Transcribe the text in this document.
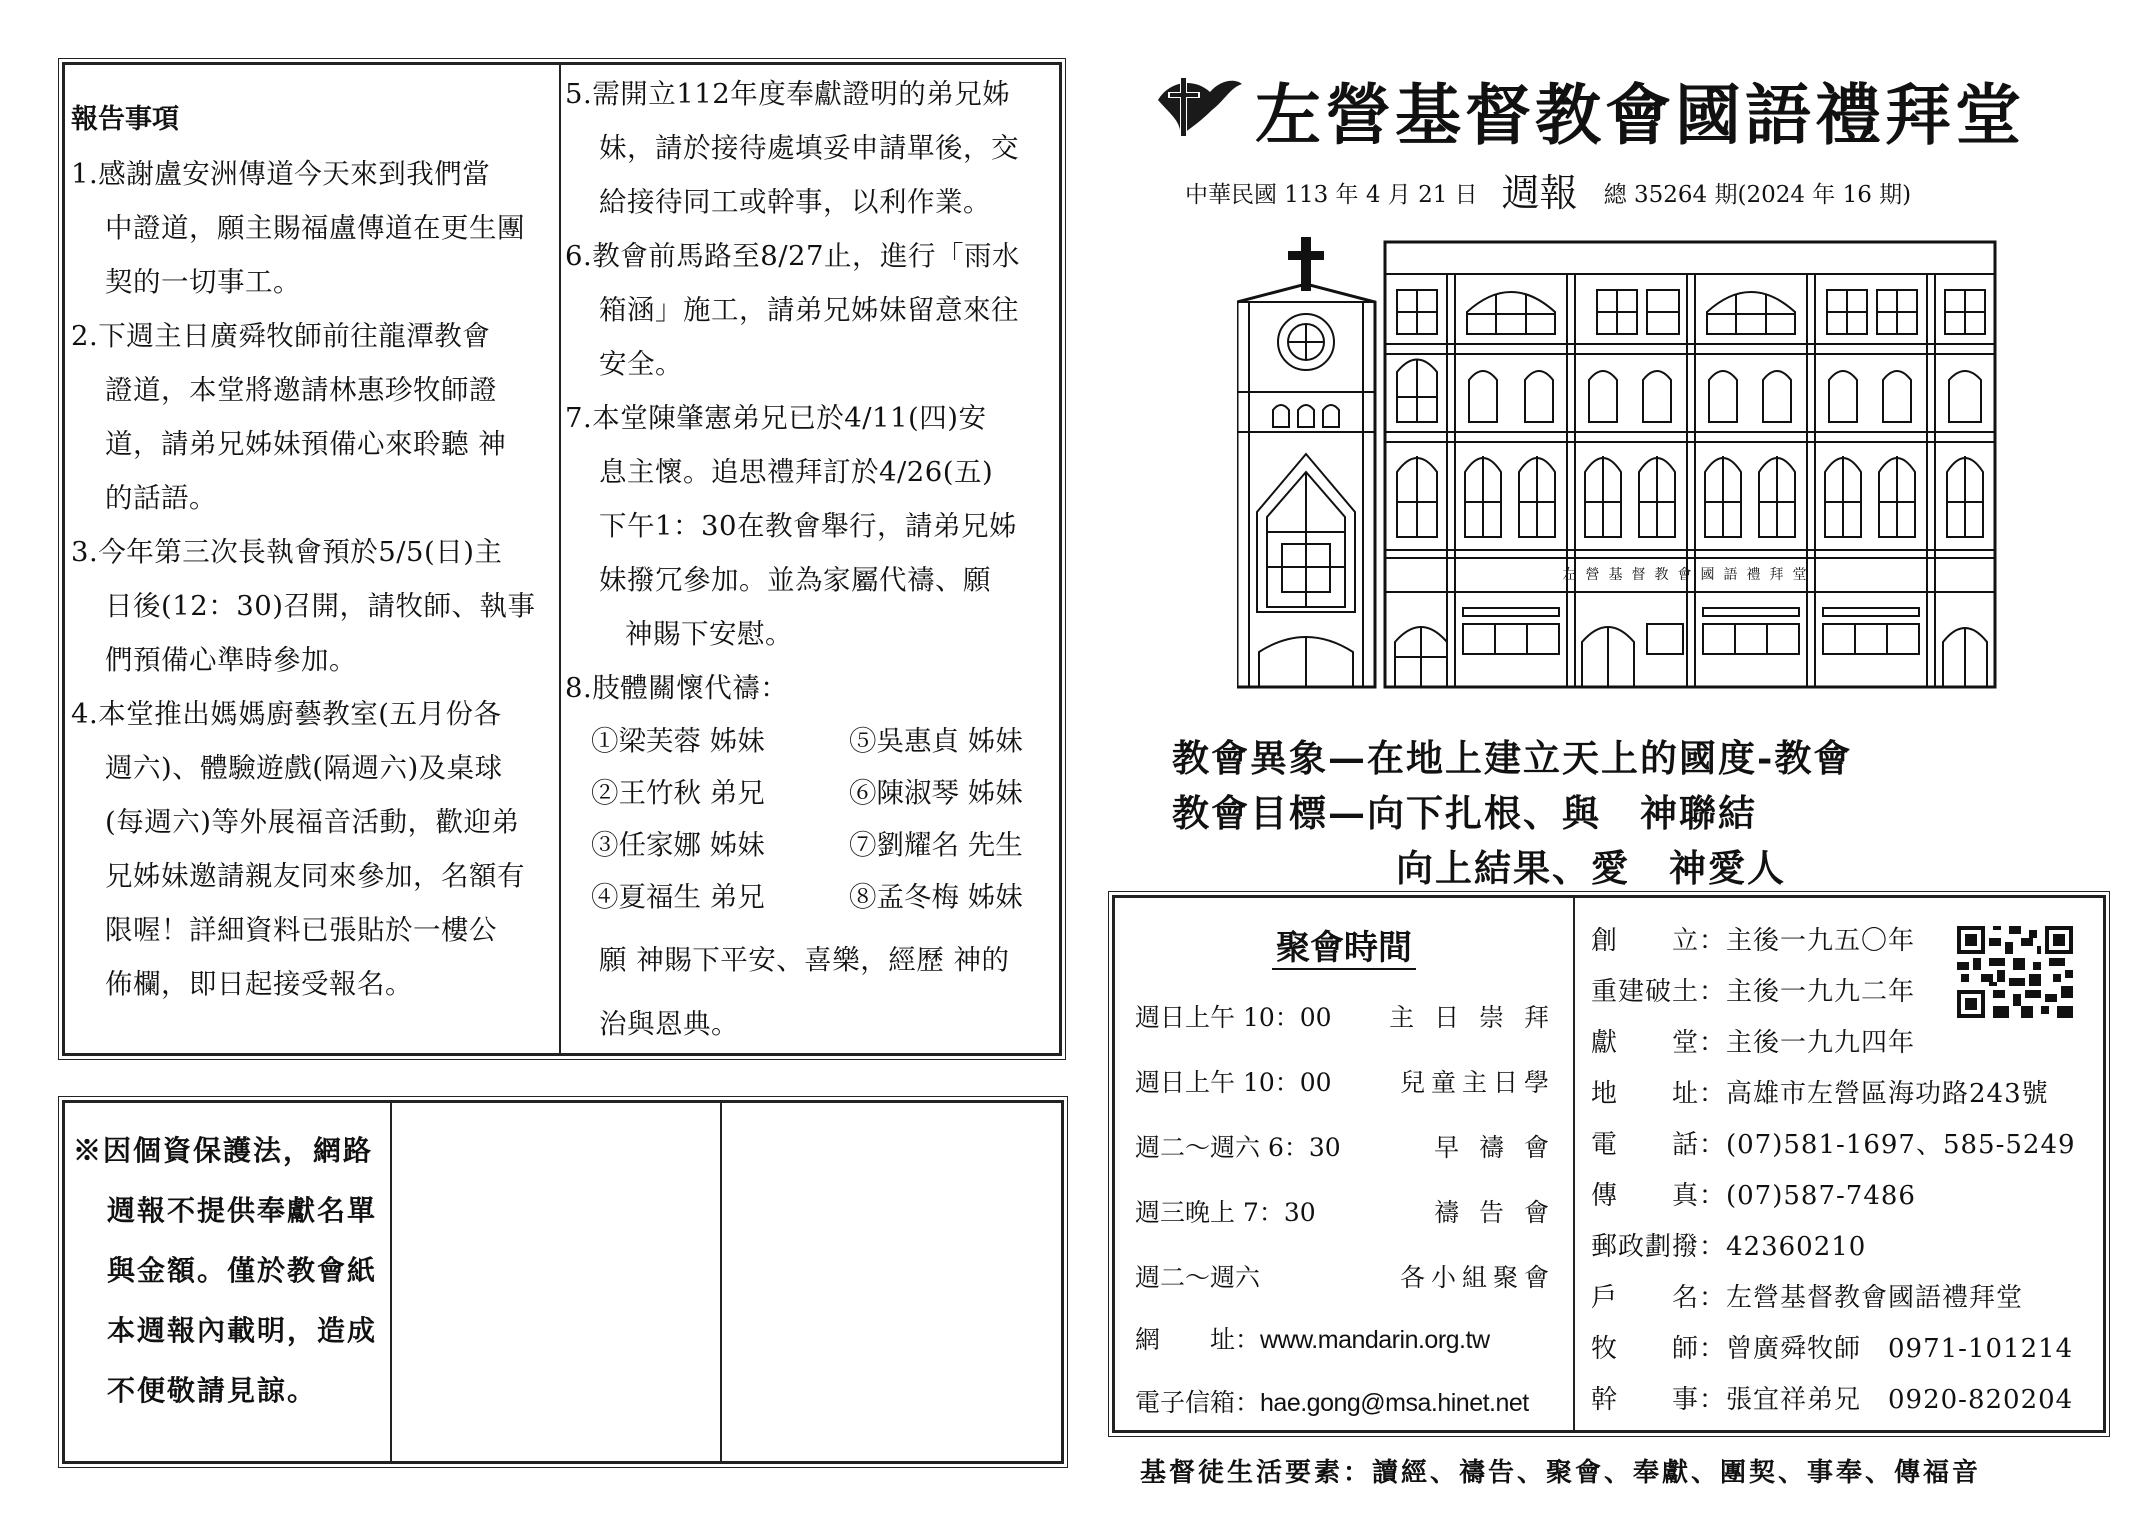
報告事項
1.感謝盧安洲傳道今天來到我們當
中證道，願主賜福盧傳道在更生團
契的一切事工。
2.下週主日廣舜牧師前往龍潭教會
證道，本堂將邀請林惠珍牧師證
道，請弟兄姊妹預備心來聆聽 神
的話語。
3.今年第三次長執會預於5/5(日)主
日後(12：30)召開，請牧師、執事
們預備心準時參加。
4.本堂推出媽媽廚藝教室(五月份各
週六)、體驗遊戲(隔週六)及桌球
(每週六)等外展福音活動，歡迎弟
兄姊妹邀請親友同來參加，名額有
限喔！詳細資料已張貼於一樓公
佈欄，即日起接受報名。
5.需開立112年度奉獻證明的弟兄姊
妹，請於接待處填妥申請單後，交
給接待同工或幹事，以利作業。
6.教會前馬路至8/27止，進行「雨水
箱涵」施工，請弟兄姊妹留意來往
安全。
7.本堂陳肇憲弟兄已於4/11(四)安
息主懷。追思禮拜訂於4/26(五)
下午1：30在教會舉行，請弟兄姊
妹撥冗參加。並為家屬代禱、願
神賜下安慰。
8.肢體關懷代禱：
①梁芙蓉 姊妹	⑤吳惠貞 姊妹
②王竹秋 弟兄	⑥陳淑琴 姊妹
③任家娜 姊妹	⑦劉耀名 先生
④夏福生 弟兄	⑧孟冬梅 姊妹
願 神賜下平安、喜樂，經歷 神的
治與恩典。
※因個資保護法，網路
週報不提供奉獻名單
與金額。僅於教會紙
本週報內載明，造成
不便敬請見諒。
左營基督教會國語禮拜堂
中華民國 113 年 4 月 21 日 週報 總 35264 期(2024 年 16 期)
左營基督教會國語禮拜堂
教會異象—在地上建立天上的國度-教會
教會目標—向下扎根、與　神聯結
向上結果、愛　神愛人
聚會時間
週日上午 10：00 主 日 崇 拜
週日上午 10：00	兒童主日學
週二～週六 6：30	早 禱 會
週三晚上 7：30	禱 告 會
週二～週六	各小組聚會
網　　址：www.mandarin.org.tw
電子信箱：hae.gong@msa.hinet.net
創　　立：主後一九五〇年
重建破土：主後一九九二年
獻　　堂：主後一九九四年
地　　址：高雄市左營區海功路243號
電　　話：(07)581-1697、585-5249
傳　　真：(07)587-7486
郵政劃撥：42360210
戶　　名：左營基督教會國語禮拜堂
牧　　師：曾廣舜牧師　0971-101214
幹　　事：張宜祥弟兄　0920-820204
基督徒生活要素：讀經、禱告、聚會、奉獻、團契、事奉、傳福音
